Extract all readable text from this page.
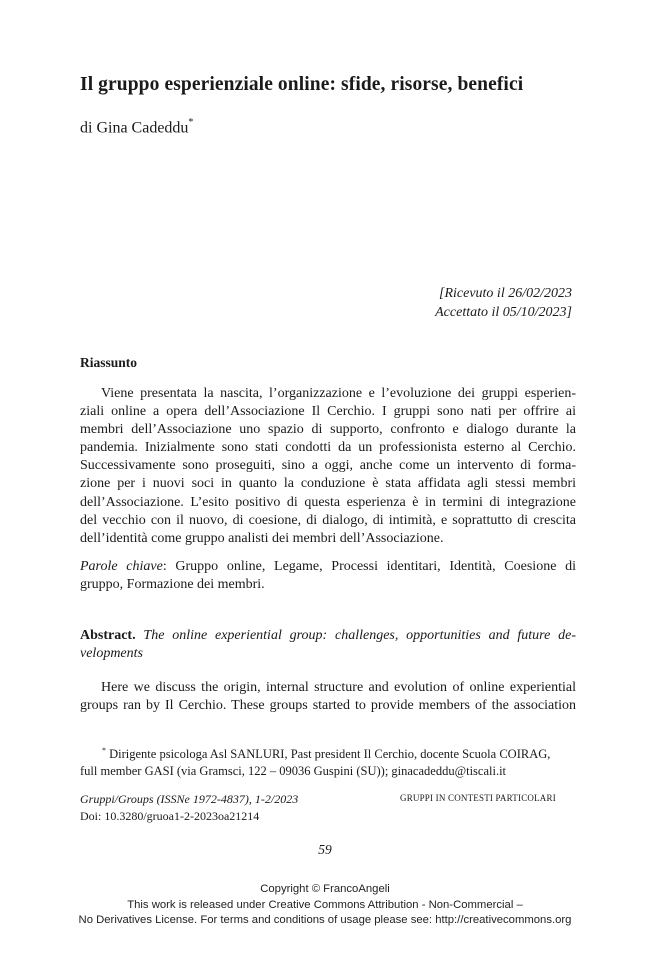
Il gruppo esperienziale online: sfide, risorse, benefici
di Gina Cadeddu*
[Ricevuto il 26/02/2023
Accettato il 05/10/2023]
Riassunto
Viene presentata la nascita, l’organizzazione e l’evoluzione dei gruppi esperien-
ziali online a opera dell’Associazione Il Cerchio. I gruppi sono nati per offrire ai
membri dell’Associazione uno spazio di supporto, confronto e dialogo durante la
pandemia. Inizialmente sono stati condotti da un professionista esterno al Cerchio.
Successivamente sono proseguiti, sino a oggi, anche come un intervento di forma-
zione per i nuovi soci in quanto la conduzione è stata affidata agli stessi membri
dell’Associazione. L’esito positivo di questa esperienza è in termini di integrazione
del vecchio con il nuovo, di coesione, di dialogo, di intimità, e soprattutto di crescita
dell’identità come gruppo analisti dei membri dell’Associazione.
Parole chiave: Gruppo online, Legame, Processi identitari, Identità, Coesione di
gruppo, Formazione dei membri.
Abstract. The online experiential group: challenges, opportunities and future de-
velopments
Here we discuss the origin, internal structure and evolution of online experiential
groups ran by Il Cerchio. These groups started to provide members of the association
* Dirigente psicologa Asl SANLURI, Past president Il Cerchio, docente Scuola COIRAG,
full member GASI (via Gramsci, 122 – 09036 Guspini (SU)); ginacadeddu@tiscali.it
Gruppi/Groups (ISSNe 1972-4837), 1-2/2023
Doi: 10.3280/gruoa1-2-2023oa21214
GRUPPI IN CONTESTI PARTICOLARI
59
Copyright © FrancoAngeli
This work is released under Creative Commons Attribution - Non-Commercial –
No Derivatives License. For terms and conditions of usage please see: http://creativecommons.org
